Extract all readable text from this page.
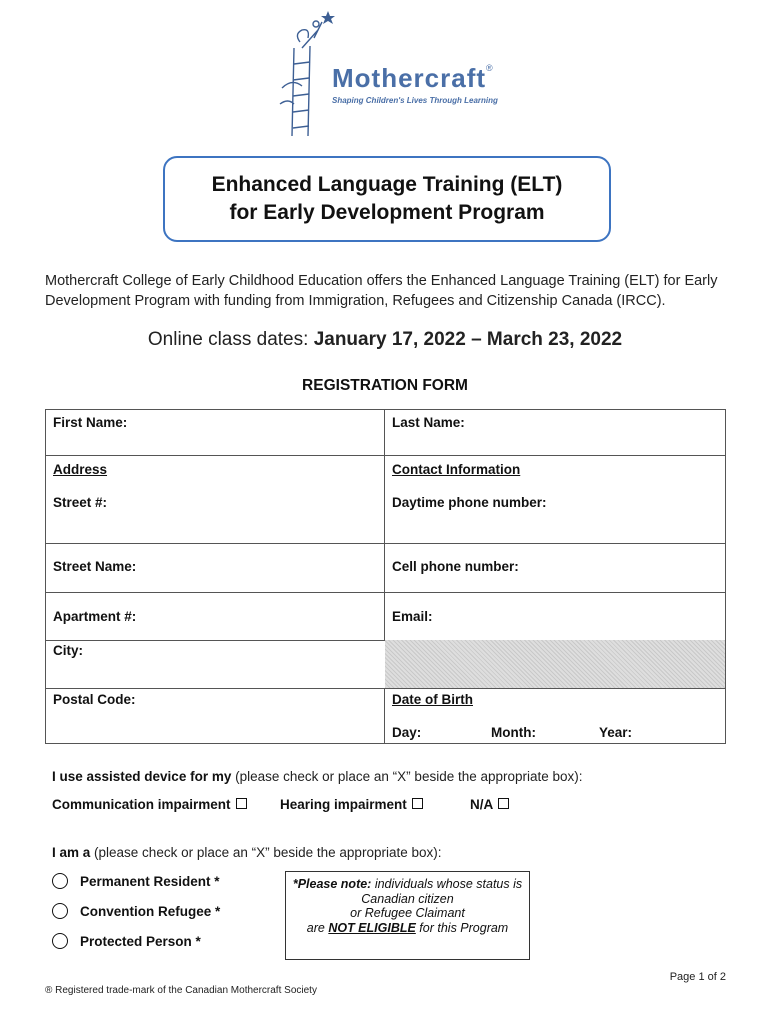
Mothercraft®
Shaping Children's Lives Through Learning
Enhanced Language Training (ELT)
for Early Development Program
Mothercraft College of Early Childhood Education offers the Enhanced Language Training (ELT) for Early Development Program with funding from Immigration, Refugees and Citizenship Canada (IRCC).
Online class dates: January 17, 2022 – March 23, 2022
REGISTRATION FORM
First Name:	Last Name:
Address	Contact Information
Street #:	Daytime phone number:
Street Name:	Cell phone number:
Apartment #:	Email:
City:
Postal Code:	Date of Birth
Day:	Month:	Year:
I use assisted device for my (please check or place an “X” beside the appropriate box):
Communication impairment	Hearing impairment	N/A
I am a (please check or place an “X” beside the appropriate box):
Permanent Resident *
Convention Refugee *
Protected Person *
*Please note: individuals whose status is
Canadian citizen
or Refugee Claimant
are NOT ELIGIBLE for this Program
Page 1 of 2
® Registered trade-mark of the Canadian Mothercraft Society
